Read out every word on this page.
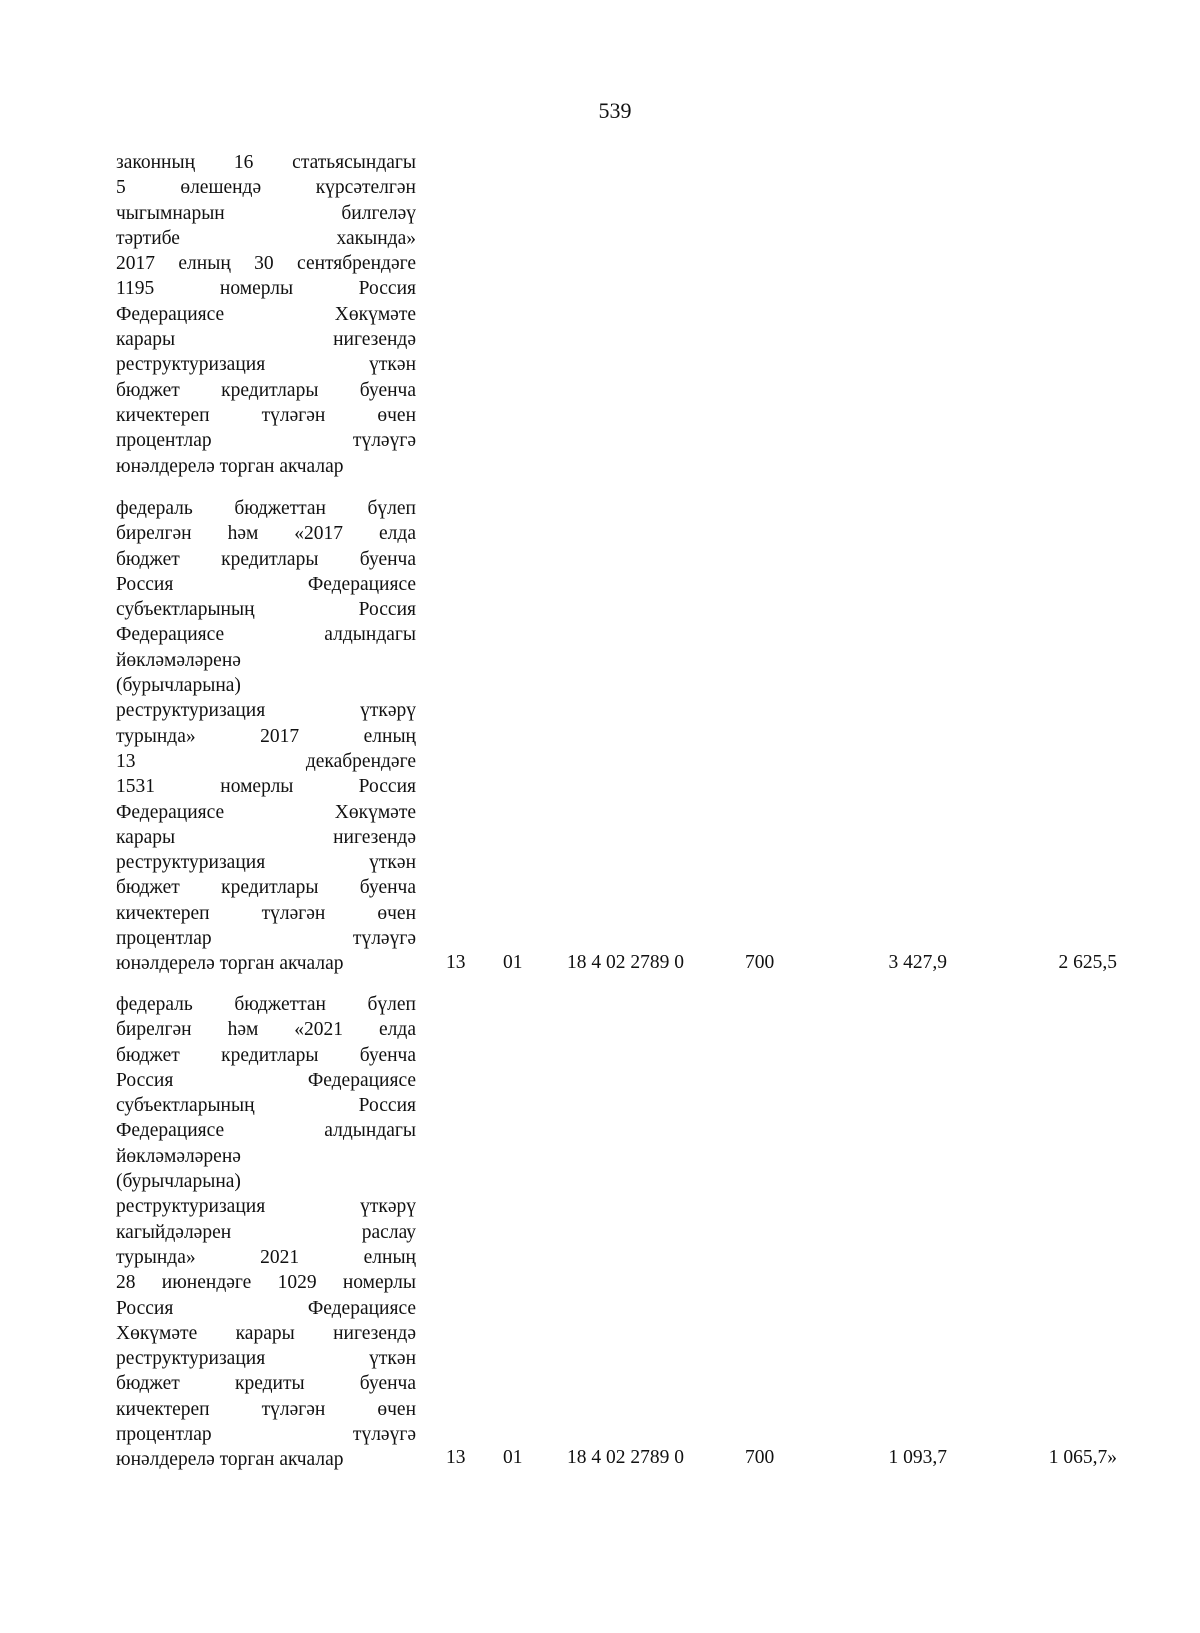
539
законның 16 статьясындагы
5 өлешендә күрсәтелгән
чыгымнарын билгеләү
тәртибе хакында»
2017 елның 30 сентябрендәге
1195 номерлы Россия
Федерациясе Хөкүмәте
карары нигезендә
реструктуризация үткән
бюджет кредитлары буенча
кичектереп түләгән өчен
процентлар түләүгә
юнәлдерелә торган акчалар
федераль бюджеттан бүлеп
бирелгән һәм «2017 елда
бюджет кредитлары буенча
Россия Федерациясе
субъектларының Россия
Федерациясе алдындагы
йөкләмәләренә
(бурычларына)
реструктуризация үткәрү
турында» 2017 елның
13 декабрендәге
1531 номерлы Россия
Федерациясе Хөкүмәте
карары нигезендә
реструктуризация үткән
бюджет кредитлары буенча
кичектереп түләгән өчен
процентлар түләүгә
юнәлдерелә торган акчалар	13 01 18 4 02 2789 0	700	3 427,9	2 625,5
федераль бюджеттан бүлеп
бирелгән һәм «2021 елда
бюджет кредитлары буенча
Россия Федерациясе
субъектларының Россия
Федерациясе алдындагы
йөкләмәләренә
(бурычларына)
реструктуризация үткәрү
кагыйдәләрен раслау
турында» 2021 елның
28 июнендәге 1029 номерлы
Россия Федерациясе
Хөкүмәте карары нигезендә
реструктуризация үткән
бюджет кредиты буенча
кичектереп түләгән өчен
процентлар түләүгә
юнәлдерелә торган акчалар	13 01 18 4 02 2789 0	700	1 093,7	1 065,7»
